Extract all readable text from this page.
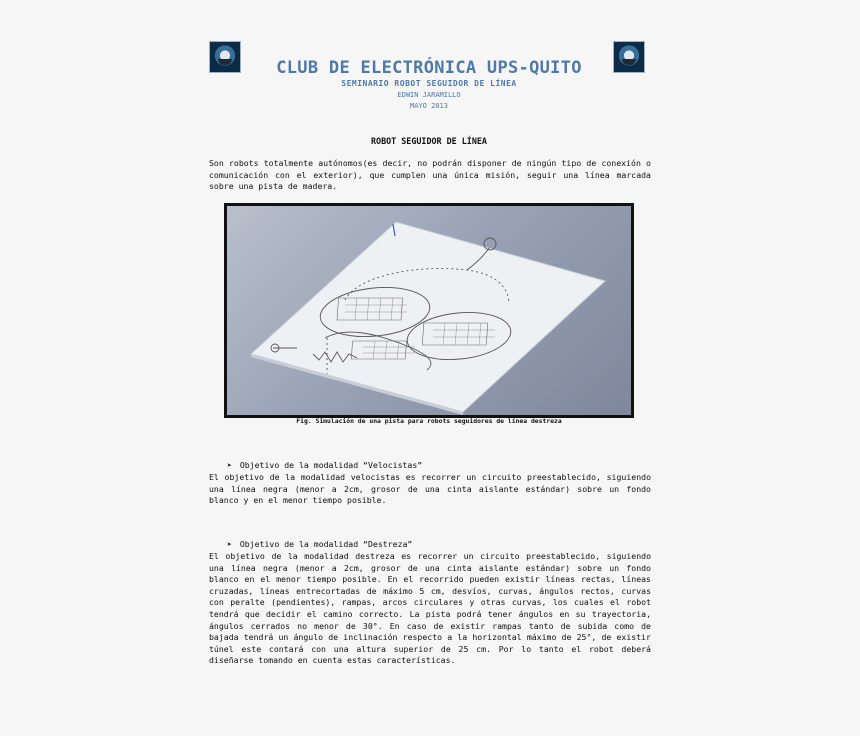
CLUB DE ELECTRÓNICA UPS-QUITO
SEMINARIO ROBOT SEGUIDOR DE LÍNEA
EDWIN JARAMILLO
MAYO 2013
ROBOT SEGUIDOR DE LÍNEA
Son robots totalmente autónomos(es decir, no podrán disponer de ningún tipo de conexión o comunicación con el exterior), que cumplen una única misión, seguir una línea marcada sobre una pista de madera.
Fig. Simulación de una pista para robots seguidores de línea destreza
➤ Objetivo de la modalidad “Velocistas”
El objetivo de la modalidad velocistas es recorrer un circuito preestablecido, siguiendo una línea negra (menor a 2cm, grosor de una cinta aislante estándar) sobre un fondo blanco y en el menor tiempo posible.
➤ Objetivo de la modalidad “Destreza”
El objetivo de la modalidad destreza es recorrer un circuito preestablecido, siguiendo una línea negra (menor a 2cm, grosor de una cinta aislante estándar) sobre un fondo blanco en el menor tiempo posible. En el recorrido pueden existir líneas rectas, líneas cruzadas, líneas entrecortadas de máximo 5 cm, desvíos, curvas, ángulos rectos, curvas con peralte (pendientes), rampas, arcos circulares y otras curvas, los cuales el robot tendrá que decidir el camino correcto. La pista podrá tener ángulos en su trayectoria, ángulos cerrados no menor de 30°. En caso de existir rampas tanto de subida como de bajada tendrá un ángulo de inclinación respecto a la horizontal máximo de 25°, de existir túnel este contará con una altura superior de 25 cm. Por lo tanto el robot deberá diseñarse tomando en cuenta estas características.
